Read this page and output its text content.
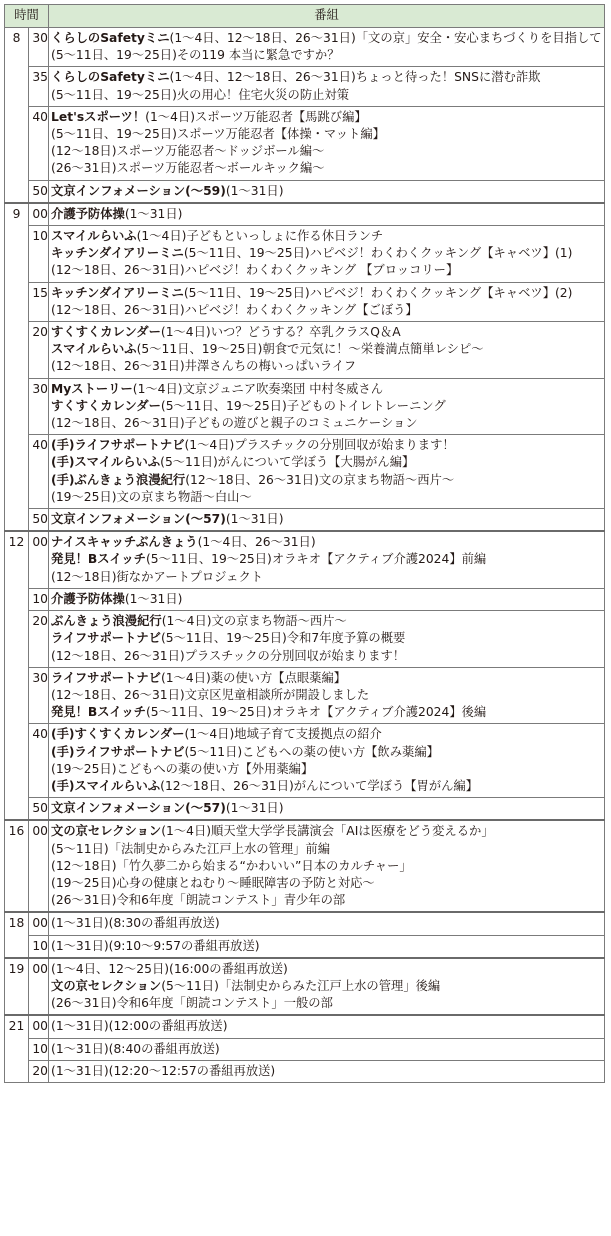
時間		番組
8	30	くらしのSafetyミニ(1～4日、12～18日、26～31日)「文の京」安全・安心まちづくりを目指して
(5～11日、19～25日)その119 本当に緊急ですか？

	35	くらしのSafetyミニ(1～4日、12～18日、26～31日)ちょっと待った！SNSに潜む詐欺
(5～11日、19～25日)火の用心！住宅火災の防止対策

	40	Let'sスポーツ！(1～4日)スポーツ万能忍者【馬跳び編】
(5～11日、19～25日)スポーツ万能忍者【体操・マット編】
(12～18日)スポーツ万能忍者～ドッジボール編～
(26～31日)スポーツ万能忍者～ボールキック編～

	50	文京インフォメーション(～59)(1～31日)

9	00	介護予防体操(1～31日)

	10	スマイルらいふ(1～4日)子どもといっしょに作る休日ランチ
キッチンダイアリーミニ(5～11日、19～25日)ハピベジ！わくわくクッキング【キャベツ】(1)
(12～18日、26～31日)ハピベジ！わくわくクッキング 【ブロッコリー】

	15	キッチンダイアリーミニ(5～11日、19～25日)ハピベジ！わくわくクッキング【キャベツ】(2)
(12～18日、26～31日)ハピベジ！わくわくクッキング【ごぼう】

	20	すくすくカレンダー(1～4日)いつ？どうする？卒乳クラスQ＆A
スマイルらいふ(5～11日、19～25日)朝食で元気に！～栄養満点簡単レシピ～
(12～18日、26～31日)井澤さんちの梅いっぱいライフ

	30	Myストーリー(1～4日)文京ジュニア吹奏楽団 中村冬威さん
すくすくカレンダー(5～11日、19～25日)子どものトイレトレーニング
(12～18日、26～31日)子どもの遊びと親子のコミュニケーション

	40	(手)ライフサポートナビ(1～4日)プラスチックの分別回収が始まります！
(手)スマイルらいふ(5～11日)がんについて学ぼう【大腸がん編】
(手)ぶんきょう浪漫紀行(12～18日、26～31日)文の京まち物語～西片～
(19～25日)文の京まち物語～白山～

	50	文京インフォメーション(～57)(1～31日)

12	00	ナイスキャッチぶんきょう(1～4日、26～31日)
発見！Bスイッチ(5～11日、19～25日)オラキオ【アクティブ介護2024】前編
(12～18日)街なかアートプロジェクト

	10	介護予防体操(1～31日)

	20	ぶんきょう浪漫紀行(1～4日)文の京まち物語～西片～
ライフサポートナビ(5～11日、19～25日)令和7年度予算の概要
(12～18日、26～31日)プラスチックの分別回収が始まります！

	30	ライフサポートナビ(1～4日)薬の使い方【点眼薬編】
(12～18日、26～31日)文京区児童相談所が開設しました
発見！Bスイッチ(5～11日、19～25日)オラキオ【アクティブ介護2024】後編

	40	(手)すくすくカレンダー(1～4日)地域子育て支援拠点の紹介
(手)ライフサポートナビ(5～11日)こどもへの薬の使い方【飲み薬編】
(19～25日)こどもへの薬の使い方【外用薬編】
(手)スマイルらいふ(12～18日、26～31日)がんについて学ぼう【胃がん編】

	50	文京インフォメーション(～57)(1～31日)

16	00	文の京セレクション(1～4日)順天堂大学学長講演会「AIは医療をどう変えるか」
(5～11日)「法制史からみた江戸上水の管理」前編
(12～18日)「竹久夢二から始まる“かわいい”日本のカルチャー」
(19～25日)心身の健康とねむり～睡眠障害の予防と対応～
(26～31日)令和6年度「朗読コンテスト」青少年の部

18	00	(1～31日)(8:30の番組再放送)

	10	(1～31日)(9:10～9:57の番組再放送)

19	00	(1～4日、12～25日)(16:00の番組再放送)
文の京セレクション(5～11日)「法制史からみた江戸上水の管理」後編
(26～31日)令和6年度「朗読コンテスト」一般の部

21	00	(1～31日)(12:00の番組再放送)

	10	(1～31日)(8:40の番組再放送)

	20	(1～31日)(12:20～12:57の番組再放送)
